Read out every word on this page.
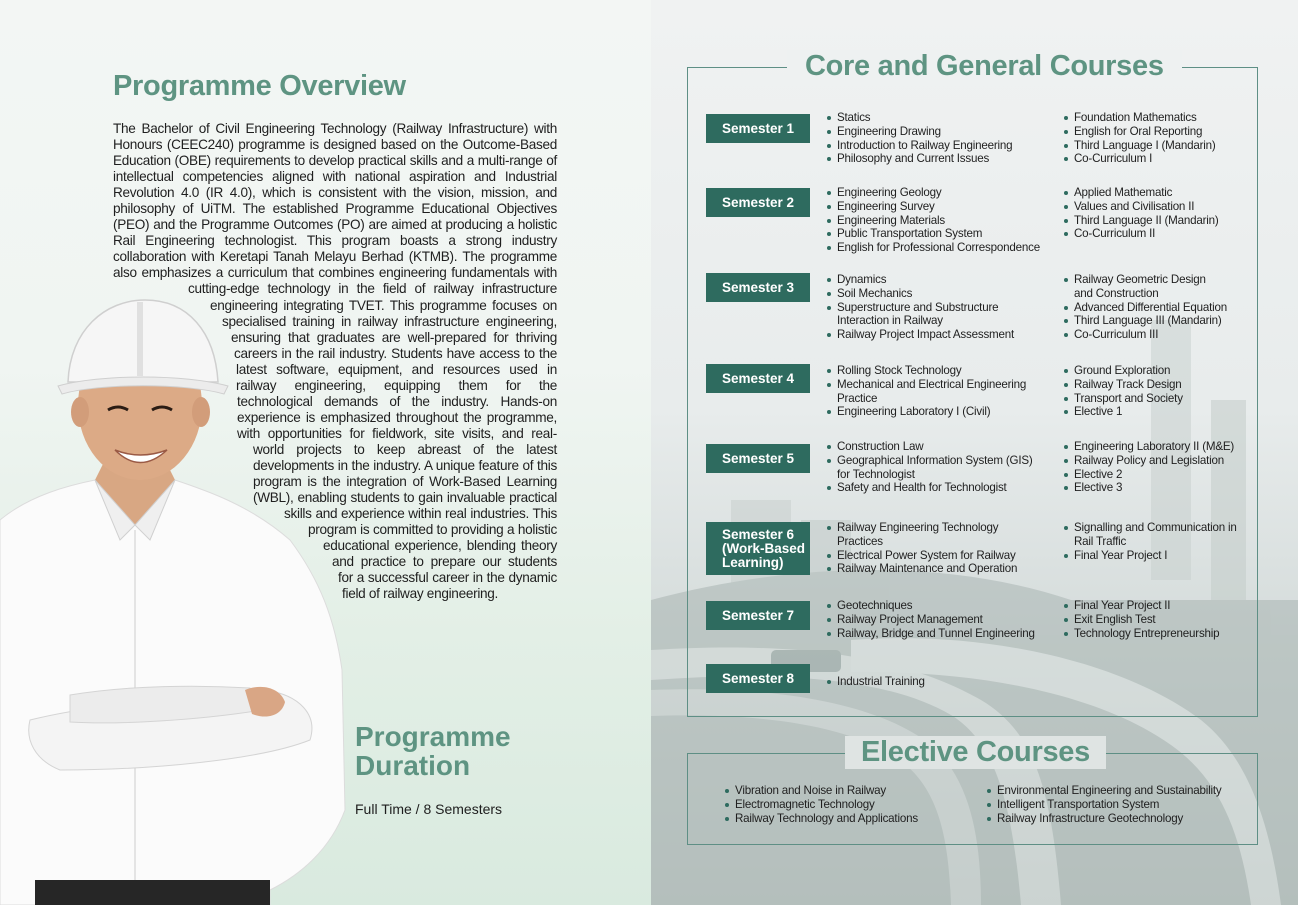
Programme Overview
The Bachelor of Civil Engineering Technology (Railway Infrastructure) with Honours (CEEC240) programme is designed based on the Outcome-Based Education (OBE) requirements to develop practical skills and a multi-range of intellectual competencies aligned with national aspiration and Industrial Revolution 4.0 (IR 4.0), which is consistent with the vision, mission, and philosophy of UiTM. The established Programme Educational Objectives (PEO) and the Programme Outcomes (PO) are aimed at producing a holistic Rail Engineering technologist. This program boasts a strong industry collaboration with Keretapi Tanah Melayu Berhad (KTMB). The programme also emphasizes a curriculum that combines engineering fundamentals with cutting-edge technology in the field of railway infrastructure engineering integrating TVET. This programme focuses on specialised training in railway infrastructure engineering, ensuring that graduates are well-prepared for thriving careers in the rail industry. Students have access to the latest software, equipment, and resources used in railway engineering, equipping them for the technological demands of the industry. Hands-on experience is emphasized throughout the programme, with opportunities for fieldwork, site visits, and real-world projects to keep abreast of the latest developments in the industry. A unique feature of this program is the integration of Work-Based Learning (WBL), enabling students to gain invaluable practical skills and experience within real industries. This program is committed to providing a holistic educational experience, blending theory and practice to prepare our students for a successful career in the dynamic field of railway engineering.
Programme Duration
Full Time / 8 Semesters
Core and General Courses
Semester 1
Statics
Engineering Drawing
Introduction to Railway Engineering
Philosophy and Current Issues
Foundation Mathematics
English for Oral Reporting
Third Language I (Mandarin)
Co-Curriculum I
Semester 2
Engineering Geology
Engineering Survey
Engineering Materials
Public Transportation System
English for Professional Correspondence
Applied Mathematic
Values and Civilisation II
Third Language II (Mandarin)
Co-Curriculum II
Semester 3
Dynamics
Soil Mechanics
Superstructure and Substructure Interaction in Railway
Railway Project Impact Assessment
Railway Geometric Design and Construction
Advanced Differential Equation
Third Language III (Mandarin)
Co-Curriculum III
Semester 4
Rolling Stock Technology
Mechanical and Electrical Engineering Practice
Engineering Laboratory I (Civil)
Ground Exploration
Railway Track Design
Transport and Society
Elective 1
Semester 5
Construction Law
Geographical Information System (GIS) for Technologist
Safety and Health for Technologist
Engineering Laboratory II (M&E)
Railway Policy and Legislation
Elective 2
Elective 3
Semester 6 (Work-Based Learning)
Railway Engineering Technology Practices
Electrical Power System for Railway
Railway Maintenance and Operation
Signalling and Communication in Rail Traffic
Final Year Project I
Semester 7
Geotechniques
Railway Project Management
Railway, Bridge and Tunnel Engineering
Final Year Project II
Exit English Test
Technology Entrepreneurship
Semester 8	Industrial Training
Elective Courses
Vibration and Noise in Railway
Electromagnetic Technology
Railway Technology and Applications
Environmental Engineering and Sustainability
Intelligent Transportation System
Railway Infrastructure Geotechnology
